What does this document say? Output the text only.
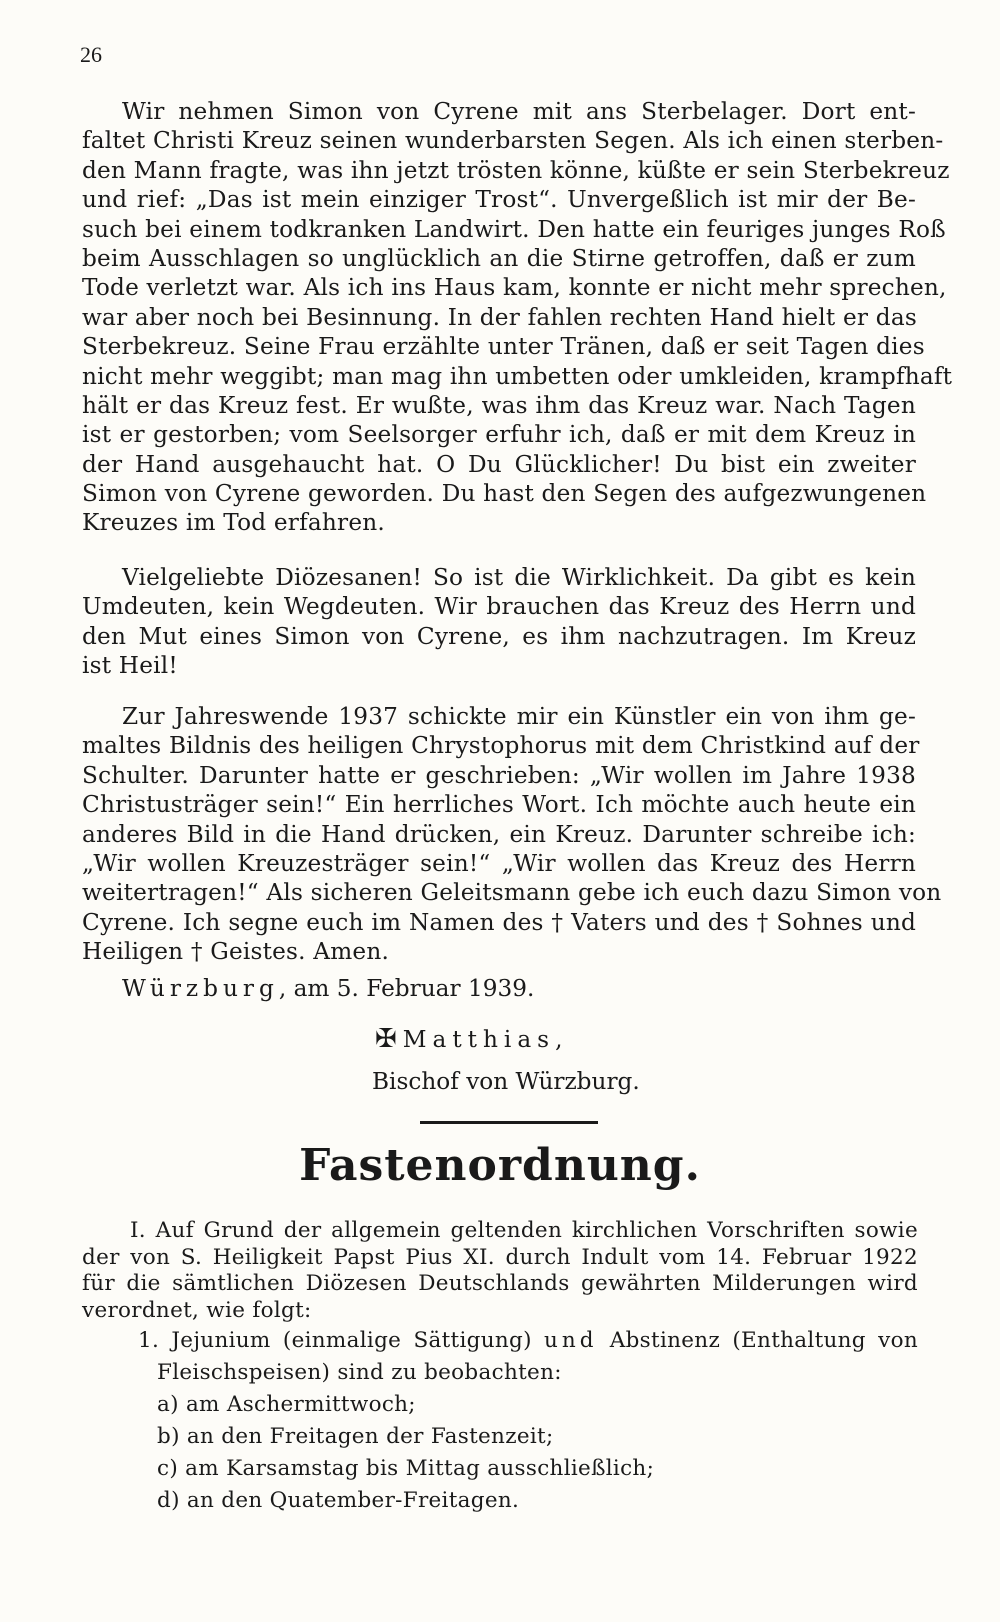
26
Wir nehmen Simon von Cyrene mit ans Sterbelager. Dort ent-
faltet Christi Kreuz seinen wunderbarsten Segen. Als ich einen sterben-
den Mann fragte, was ihn jetzt trösten könne, küßte er sein Sterbekreuz
und rief: „Das ist mein einziger Trost“. Unvergeßlich ist mir der Be-
such bei einem todkranken Landwirt. Den hatte ein feuriges junges Roß
beim Ausschlagen so unglücklich an die Stirne getroffen, daß er zum
Tode verletzt war. Als ich ins Haus kam, konnte er nicht mehr sprechen,
war aber noch bei Besinnung. In der fahlen rechten Hand hielt er das
Sterbekreuz. Seine Frau erzählte unter Tränen, daß er seit Tagen dies
nicht mehr weggibt; man mag ihn umbetten oder umkleiden, krampfhaft
hält er das Kreuz fest. Er wußte, was ihm das Kreuz war. Nach Tagen
ist er gestorben; vom Seelsorger erfuhr ich, daß er mit dem Kreuz in
der Hand ausgehaucht hat. O Du Glücklicher! Du bist ein zweiter
Simon von Cyrene geworden. Du hast den Segen des aufgezwungenen
Kreuzes im Tod erfahren.
Vielgeliebte Diözesanen! So ist die Wirklichkeit. Da gibt es kein
Umdeuten, kein Wegdeuten. Wir brauchen das Kreuz des Herrn und
den Mut eines Simon von Cyrene, es ihm nachzutragen. Im Kreuz
ist Heil!
Zur Jahreswende 1937 schickte mir ein Künstler ein von ihm ge-
maltes Bildnis des heiligen Chrystophorus mit dem Christkind auf der
Schulter. Darunter hatte er geschrieben: „Wir wollen im Jahre 1938
Christusträger sein!“ Ein herrliches Wort. Ich möchte auch heute ein
anderes Bild in die Hand drücken, ein Kreuz. Darunter schreibe ich:
„Wir wollen Kreuzesträger sein!“ „Wir wollen das Kreuz des Herrn
weitertragen!“ Als sicheren Geleitsmann gebe ich euch dazu Simon von
Cyrene. Ich segne euch im Namen des † Vaters und des † Sohnes und
Heiligen † Geistes. Amen.
Würzburg, am 5. Februar 1939.
✠ Matthias,
Bischof von Würzburg.
Fastenordnung.
I. Auf Grund der allgemein geltenden kirchlichen Vorschriften sowie
der von S. Heiligkeit Papst Pius XI. durch Indult vom 14. Februar 1922
für die sämtlichen Diözesen Deutschlands gewährten Milderungen wird
verordnet, wie folgt:
1. Jejunium (einmalige Sättigung) und Abstinenz (Enthaltung von
Fleischspeisen) sind zu beobachten:
a) am Aschermittwoch;
b) an den Freitagen der Fastenzeit;
c) am Karsamstag bis Mittag ausschließlich;
d) an den Quatember-Freitagen.
